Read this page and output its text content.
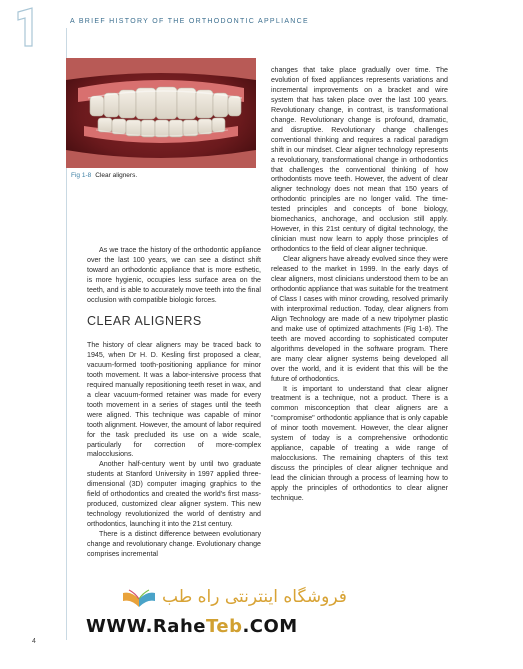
A BRIEF HISTORY OF THE ORTHODONTIC APPLIANCE
Fig 1-8 Clear aligners.

As we trace the history of the orthodontic appliance over the last 100 years, we can see a distinct shift toward an orthodontic appliance that is more esthetic, is more hygienic, occupies less surface area on the teeth, and is able to accurately move teeth into the final occlusion with compatible biologic forces.

CLEAR ALIGNERS

The history of clear aligners may be traced back to 1945, when Dr H. D. Kesling first proposed a clear, vacuum-formed tooth-positioning appliance for minor tooth movement. It was a labor-intensive process that required manually repositioning teeth reset in wax, and a clear vacuum-formed retainer was made for every tooth movement in a series of stages until the teeth were aligned. This technique was capable of minor tooth alignment. However, the amount of labor required for the task precluded its use on a wide scale, particularly for correction of more-complex malocclusions.

Another half-century went by until two graduate students at Stanford University in 1997 applied three-dimensional (3D) computer imaging graphics to the field of orthodontics and created the world's first mass-produced, customized clear aligner system. This new technology revolutionized the world of dentistry and orthodontics, launching it into the 21st century.

There is a distinct difference between evolutionary change and revolutionary change. Evolutionary change comprises incremental

changes that take place gradually over time. The evolution of fixed appliances represents variations and incremental improvements on a bracket and wire system that has taken place over the last 100 years. Revolutionary change, in contrast, is transformational change. Revolutionary change is profound, dramatic, and disruptive. Revolutionary change challenges conventional thinking and requires a radical paradigm shift in our mindset. Clear aligner technology represents a revolutionary, transformational change in orthodontics that challenges the conventional thinking of how orthodontists move teeth. However, the advent of clear aligner technology does not mean that 150 years of orthodontic principles are no longer valid. The time-tested principles and concepts of bone biology, biomechanics, anchorage, and occlusion still apply. However, in this 21st century of digital technology, the clinician must now learn to apply those principles of orthodontics to the field of clear aligner technique.

Clear aligners have already evolved since they were released to the market in 1999. In the early days of clear aligners, most clinicians understood them to be an orthodontic appliance that was suitable for the treatment of Class I cases with minor crowding, resolved primarily with interproximal reduction. Today, clear aligners from Align Technology are made of a new tripolymer plastic and make use of optimized attachments (Fig 1-8). The teeth are moved according to sophisticated computer algorithms developed in the software program. There are many clear aligner systems being developed all over the world, and it is evident that this will be the future of orthodontics.

It is important to understand that clear aligner treatment is a technique, not a product. There is a common misconception that clear aligners are a "compromise" orthodontic appliance that is only capable of minor tooth movement. However, the clear aligner system of today is a comprehensive orthodontic appliance, capable of treating a wide range of malocclusions. The remaining chapters of this text discuss the principles of clear aligner technique and lead the clinician through a process of learning how to apply the principles of orthodontics to clear aligner technique.

4
فروشگاه اینترنتی راه طب
WWW.RaheTeb.COM
